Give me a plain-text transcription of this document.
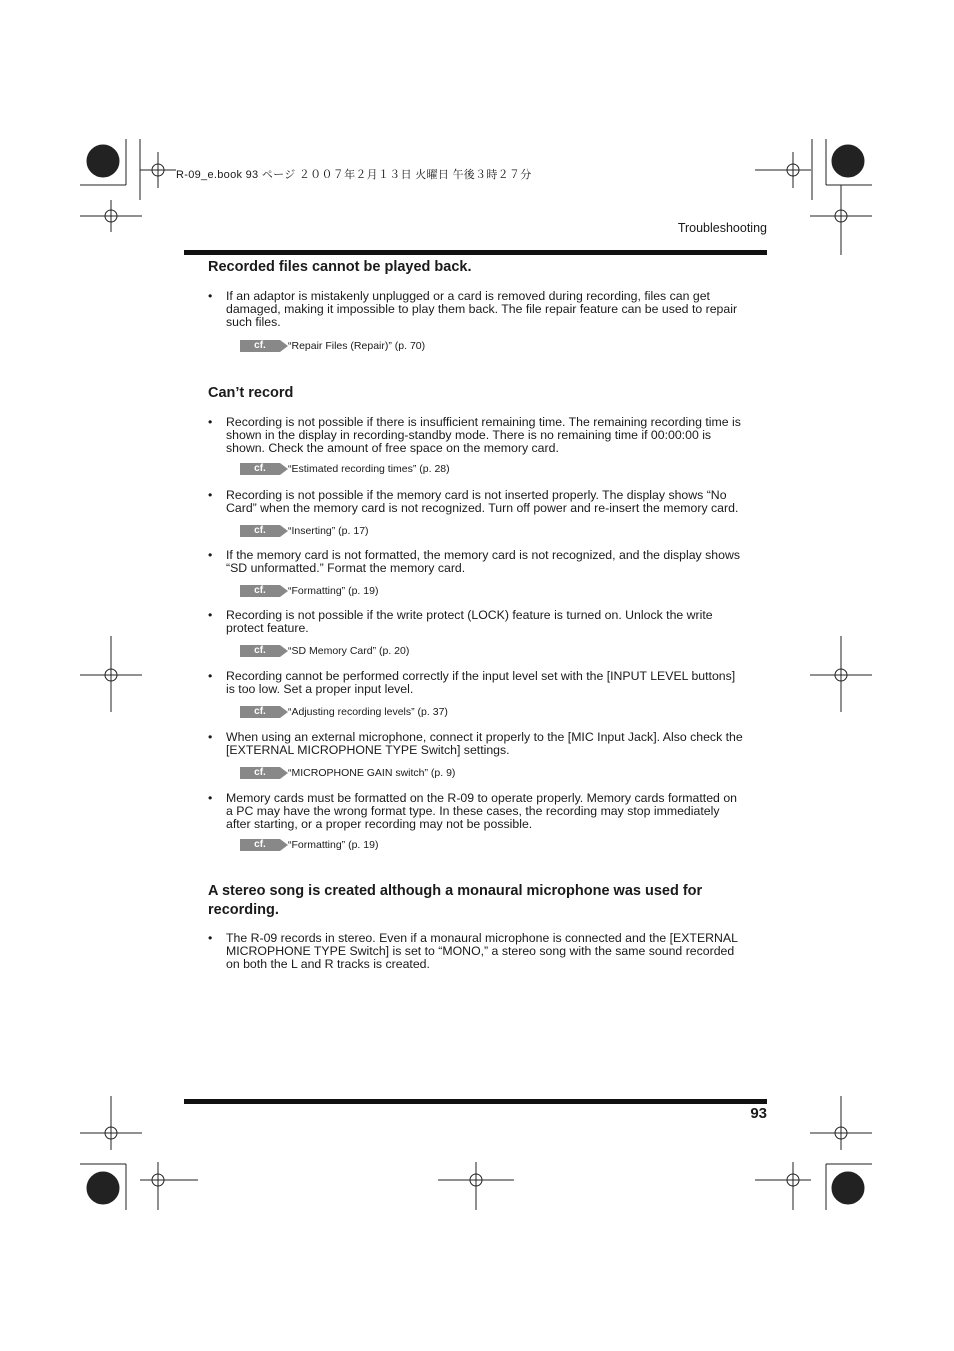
R-09_e.book 93 ページ ２００７年２月１３日 火曜日 午後３時２７分
Troubleshooting
Recorded files cannot be played back.
• If an adaptor is mistakenly unplugged or a card is removed during recording, files can get damaged, making it impossible to play them back. The file repair feature can be used to repair such files.
cf.	“Repair Files (Repair)” (p. 70)
Can’t record
• Recording is not possible if there is insufficient remaining time. The remaining recording time is shown in the display in recording-standby mode. There is no remaining time if 00:00:00 is shown. Check the amount of free space on the memory card.
cf.	“Estimated recording times” (p. 28)
• Recording is not possible if the memory card is not inserted properly. The display shows “No Card” when the memory card is not recognized. Turn off power and re-insert the memory card.
cf.	“Inserting” (p. 17)
• If the memory card is not formatted, the memory card is not recognized, and the display shows “SD unformatted.” Format the memory card.
cf.	“Formatting” (p. 19)
• Recording is not possible if the write protect (LOCK) feature is turned on. Unlock the write protect feature.
cf.	“SD Memory Card” (p. 20)
• Recording cannot be performed correctly if the input level set with the [INPUT LEVEL buttons] is too low. Set a proper input level.
cf.	“Adjusting recording levels” (p. 37)
• When using an external microphone, connect it properly to the [MIC Input Jack]. Also check the [EXTERNAL MICROPHONE TYPE Switch] settings.
cf.	“MICROPHONE GAIN switch” (p. 9)
• Memory cards must be formatted on the R-09 to operate properly. Memory cards formatted on a PC may have the wrong format type. In these cases, the recording may stop immediately after starting, or a proper recording may not be possible.
cf.	“Formatting” (p. 19)
A stereo song is created although a monaural microphone was used for recording.
• The R-09 records in stereo. Even if a monaural microphone is connected and the [EXTERNAL MICROPHONE TYPE Switch] is set to “MONO,” a stereo song with the same sound recorded on both the L and R tracks is created.
93
